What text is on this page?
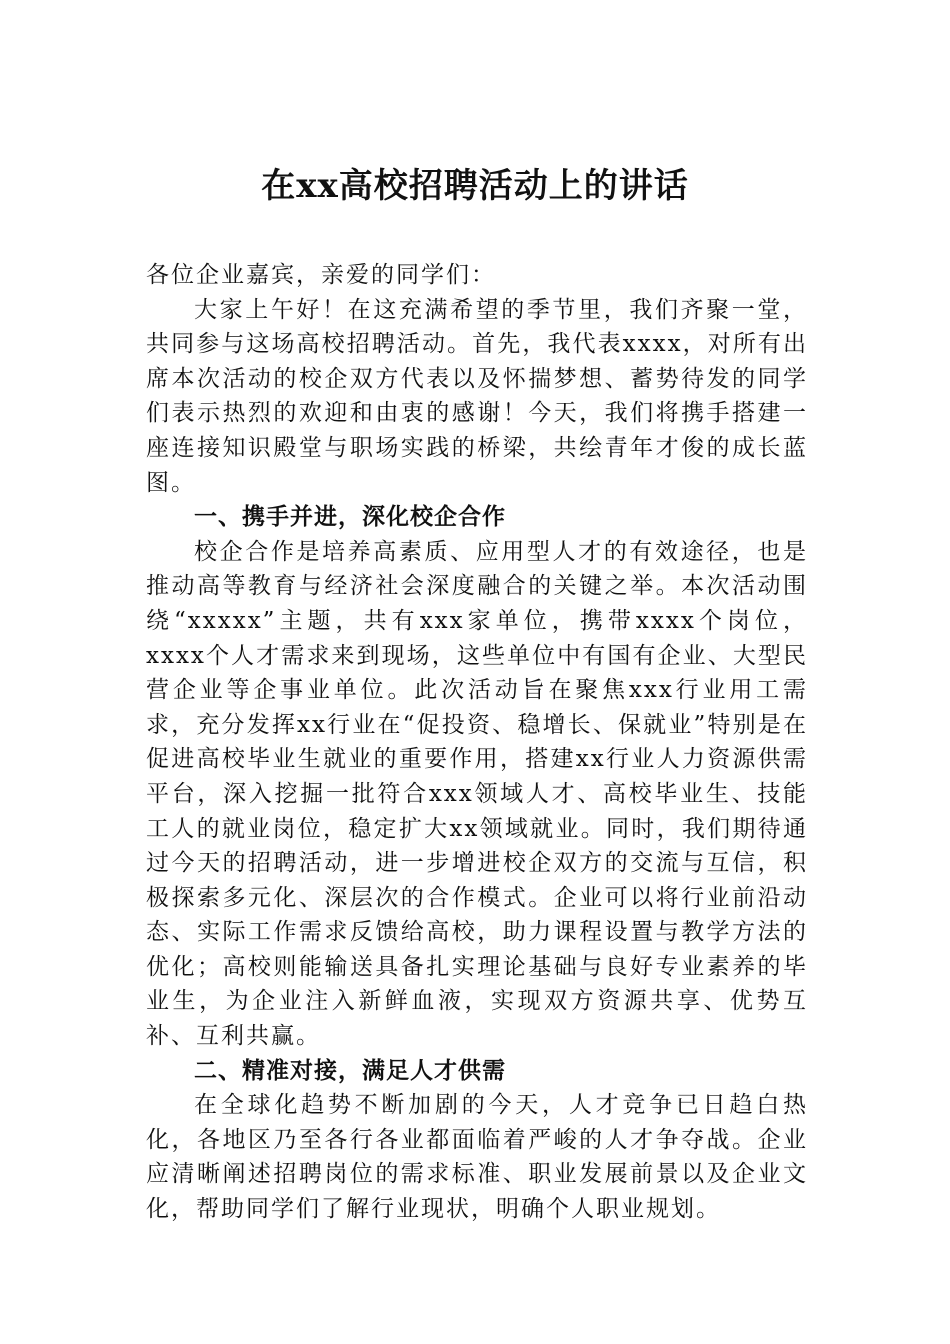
在xx高校招聘活动上的讲话

各位企业嘉宾，亲爱的同学们：

大家上午好！在这充满希望的季节里，我们齐聚一堂，共同参与这场高校招聘活动。首先，我代表xxxx，对所有出席本次活动的校企双方代表以及怀揣梦想、蓄势待发的同学们表示热烈的欢迎和由衷的感谢！今天，我们将携手搭建一座连接知识殿堂与职场实践的桥梁，共绘青年才俊的成长蓝图。

一、携手并进，深化校企合作

校企合作是培养高素质、应用型人才的有效途径，也是推动高等教育与经济社会深度融合的关键之举。本次活动围绕“xxxxx”主题，共有xxx家单位，携带xxxx个岗位，xxxx个人才需求来到现场，这些单位中有国有企业、大型民营企业等企事业单位。此次活动旨在聚焦xxx行业用工需求，充分发挥xx行业在“促投资、稳增长、保就业”特别是在促进高校毕业生就业的重要作用，搭建xx行业人力资源供需平台，深入挖掘一批符合xxx领域人才、高校毕业生、技能工人的就业岗位，稳定扩大xx领域就业。同时，我们期待通过今天的招聘活动，进一步增进校企双方的交流与互信，积极探索多元化、深层次的合作模式。企业可以将行业前沿动态、实际工作需求反馈给高校，助力课程设置与教学方法的优化；高校则能输送具备扎实理论基础与良好专业素养的毕业生，为企业注入新鲜血液，实现双方资源共享、优势互补、互利共赢。

二、精准对接，满足人才供需

在全球化趋势不断加剧的今天，人才竞争已日趋白热化，各地区乃至各行各业都面临着严峻的人才争夺战。企业应清晰阐述招聘岗位的需求标准、职业发展前景以及企业文化，帮助同学们了解行业现状，明确个人职业规划。
